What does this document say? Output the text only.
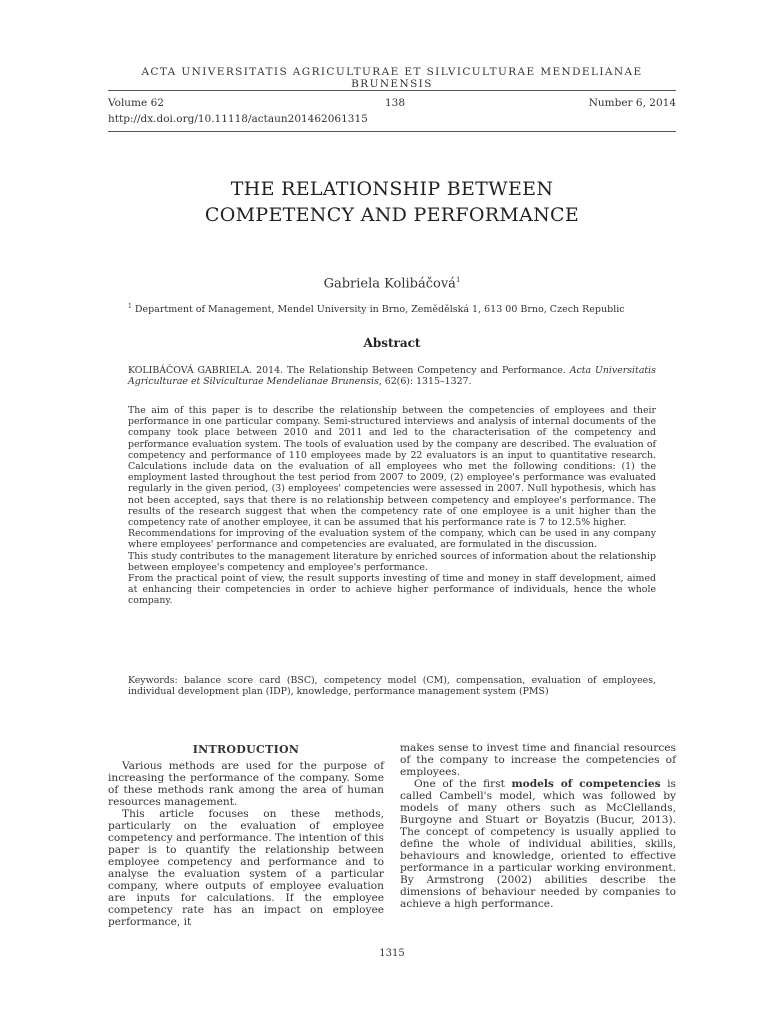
ACTA UNIVERSITATIS AGRICULTURAE ET SILVICULTURAE MENDELIANAE BRUNENSIS
Volume 62	138	Number 6, 2014
http://dx.doi.org/10.11118/actaun201462061315
THE RELATIONSHIP BETWEEN
COMPETENCY AND PERFORMANCE
Gabriela Kolibáčová$^1$
$^1$ Department of Management, Mendel University in Brno, Zemědělská 1, 613 00 Brno, Czech Republic
Abstract
KOLIBÁČOVÁ GABRIELA. 2014. The Relationship Between Competency and Performance. Acta Universitatis Agriculturae et Silviculturae Mendelianae Brunensis, 62(6): 1315–1327.
The aim of this paper is to describe the relationship between the competencies of employees and their performance in one particular company. Semi-structured interviews and analysis of internal documents of the company took place between 2010 and 2011 and led to the characterisation of the competency and performance evaluation system. The tools of evaluation used by the company are described. The evaluation of competency and performance of 110 employees made by 22 evaluators is an input to quantitative research. Calculations include data on the evaluation of all employees who met the following conditions: (1) the employment lasted throughout the test period from 2007 to 2009, (2) employee's performance was evaluated regularly in the given period, (3) employees' competencies were assessed in 2007. Null hypothesis, which has not been accepted, says that there is no relationship between competency and employee's performance. The results of the research suggest that when the competency rate of one employee is a unit higher than the competency rate of another employee, it can be assumed that his performance rate is 7 to 12.5% higher.
Recommendations for improving of the evaluation system of the company, which can be used in any company where employees' performance and competencies are evaluated, are formulated in the discussion.
This study contributes to the management literature by enriched sources of information about the relationship between employee's competency and employee's performance.
From the practical point of view, the result supports investing of time and money in staff development, aimed at enhancing their competencies in order to achieve higher performance of individuals, hence the whole company.
Keywords: balance score card (BSC), competency model (CM), compensation, evaluation of employees, individual development plan (IDP), knowledge, performance management system (PMS)
INTRODUCTION

Various methods are used for the purpose of increasing the performance of the company. Some of these methods rank among the area of human resources management.

This article focuses on these methods, particularly on the evaluation of employee competency and performance. The intention of this paper is to quantify the relationship between employee competency and performance and to analyse the evaluation system of a particular company, where outputs of employee evaluation are inputs for calculations. If the employee competency rate has an impact on employee performance, it

makes sense to invest time and financial resources of the company to increase the competencies of employees.

One of the first models of competencies is called Cambell's model, which was followed by models of many others such as McClellands, Burgoyne and Stuart or Boyatzis (Bucur, 2013). The concept of competency is usually applied to define the whole of individual abilities, skills, behaviours and knowledge, oriented to effective performance in a particular working environment. By Armstrong (2002) abilities describe the dimensions of behaviour needed by companies to achieve a high performance.

1315
